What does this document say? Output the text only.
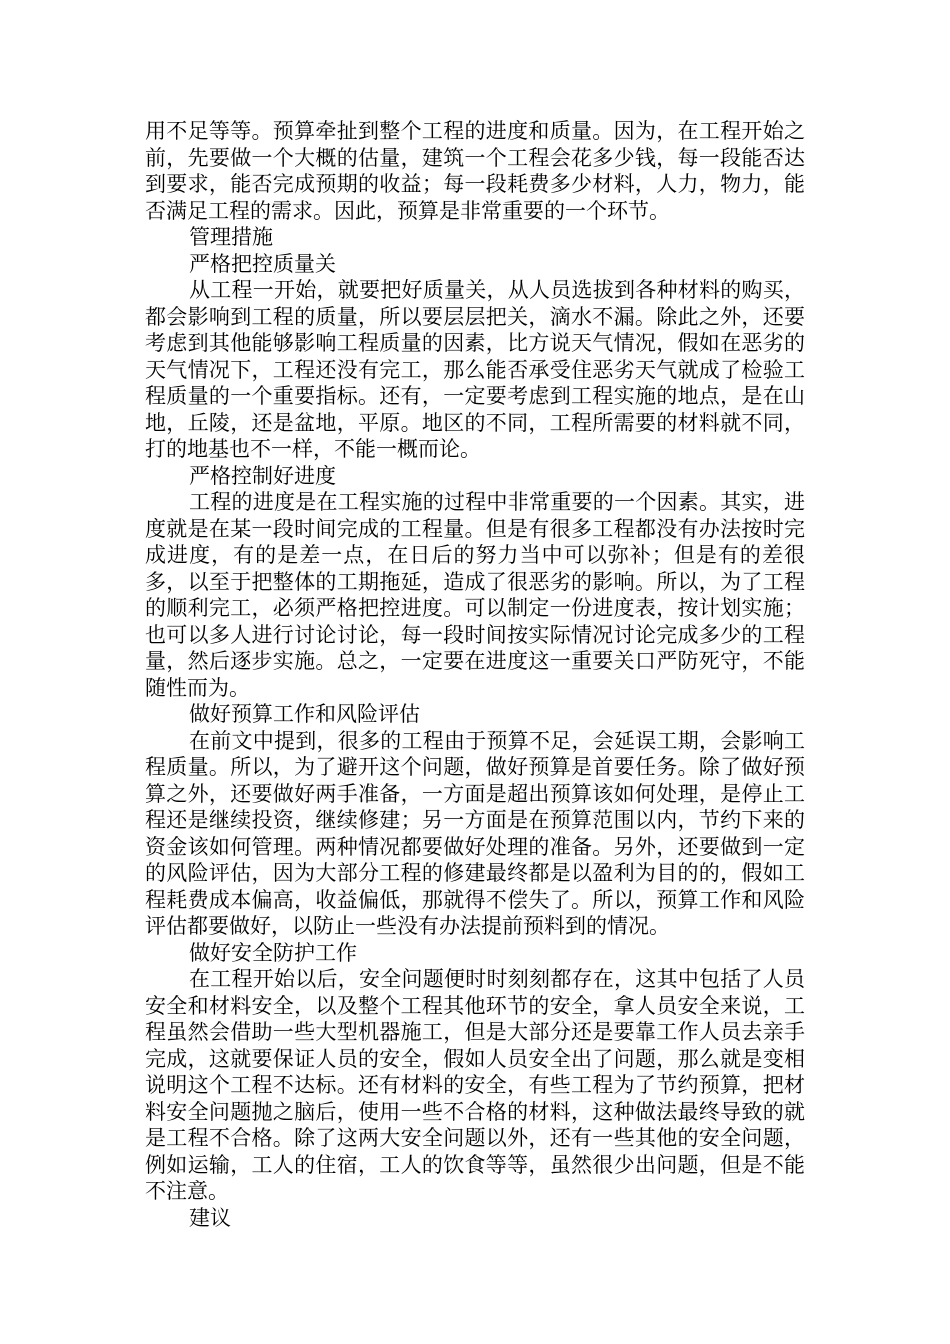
用不足等等。预算牵扯到整个工程的进度和质量。因为，在工程开始之前，先要做一个大概的估量，建筑一个工程会花多少钱，每一段能否达到要求，能否完成预期的收益；每一段耗费多少材料，人力，物力，能否满足工程的需求。因此，预算是非常重要的一个环节。

管理措施

严格把控质量关

从工程一开始，就要把好质量关，从人员选拔到各种材料的购买，都会影响到工程的质量，所以要层层把关，滴水不漏。除此之外，还要考虑到其他能够影响工程质量的因素，比方说天气情况，假如在恶劣的天气情况下，工程还没有完工，那么能否承受住恶劣天气就成了检验工程质量的一个重要指标。还有，一定要考虑到工程实施的地点，是在山地，丘陵，还是盆地，平原。地区的不同，工程所需要的材料就不同，打的地基也不一样，不能一概而论。

严格控制好进度

工程的进度是在工程实施的过程中非常重要的一个因素。其实，进度就是在某一段时间完成的工程量。但是有很多工程都没有办法按时完成进度，有的是差一点，在日后的努力当中可以弥补；但是有的差很多，以至于把整体的工期拖延，造成了很恶劣的影响。所以，为了工程的顺利完工，必须严格把控进度。可以制定一份进度表，按计划实施；也可以多人进行讨论讨论，每一段时间按实际情况讨论完成多少的工程量，然后逐步实施。总之，一定要在进度这一重要关口严防死守，不能随性而为。

做好预算工作和风险评估

在前文中提到，很多的工程由于预算不足，会延误工期，会影响工程质量。所以，为了避开这个问题，做好预算是首要任务。除了做好预算之外，还要做好两手准备，一方面是超出预算该如何处理，是停止工程还是继续投资，继续修建；另一方面是在预算范围以内，节约下来的资金该如何管理。两种情况都要做好处理的准备。另外，还要做到一定的风险评估，因为大部分工程的修建最终都是以盈利为目的的，假如工程耗费成本偏高，收益偏低，那就得不偿失了。所以，预算工作和风险评估都要做好，以防止一些没有办法提前预料到的情况。

做好安全防护工作

在工程开始以后，安全问题便时时刻刻都存在，这其中包括了人员安全和材料安全，以及整个工程其他环节的安全，拿人员安全来说，工程虽然会借助一些大型机器施工，但是大部分还是要靠工作人员去亲手完成，这就要保证人员的安全，假如人员安全出了问题，那么就是变相说明这个工程不达标。还有材料的安全，有些工程为了节约预算，把材料安全问题抛之脑后，使用一些不合格的材料，这种做法最终导致的就是工程不合格。除了这两大安全问题以外，还有一些其他的安全问题，例如运输，工人的住宿，工人的饮食等等，虽然很少出问题，但是不能不注意。

建议
